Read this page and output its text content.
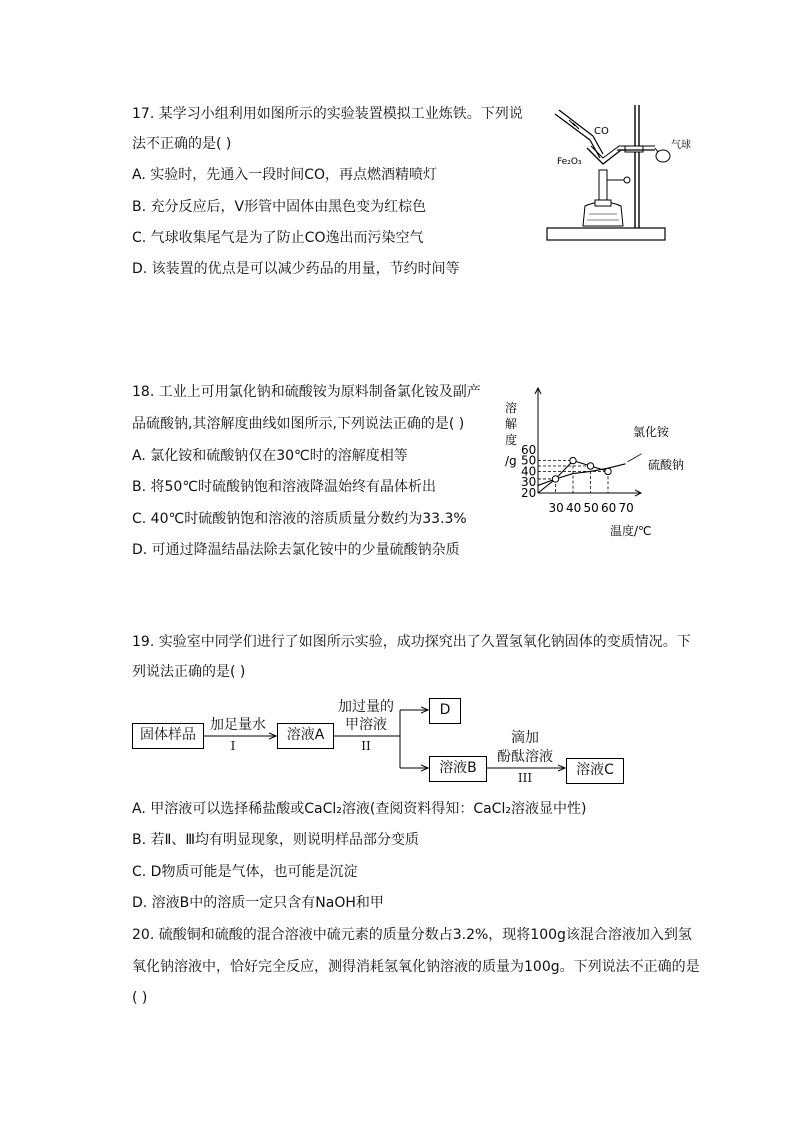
17. 某学习小组利用如图所示的实验装置模拟工业炼铁。下列说
法不正确的是( )
A. 实验时，先通入一段时间CO，再点燃酒精喷灯
B. 充分反应后，V形管中固体由黑色变为红棕色
C. 气球收集尾气是为了防止CO逸出而污染空气
D. 该装置的优点是可以减少药品的用量，节约时间等
CO
Fe₂O₃
气球
18. 工业上可用氯化钠和硫酸铵为原料制备氯化铵及副产
品硫酸钠,其溶解度曲线如图所示,下列说法正确的是( )
A. 氯化铵和硫酸钠仅在30℃时的溶解度相等
B. 将50℃时硫酸钠饱和溶液降温始终有晶体析出
C. 40℃时硫酸钠饱和溶液的溶质质量分数约为33.3%
D. 可通过降温结晶法除去氯化铵中的少量硫酸钠杂质
20
30
40
50
60
30 40 50 60 70
溶
解
度
/g
温度/℃
氯化铵
硫酸钠
19. 实验室中同学们进行了如图所示实验，成功探究出了久置氢氧化钠固体的变质情况。下
列说法正确的是( )
固体样品
加足量水
I
溶液A
加过量的
甲溶液
II
D
溶液B
滴加
酚酞溶液
III	溶液C
A. 甲溶液可以选择稀盐酸或CaCl₂溶液(查阅资料得知：CaCl₂溶液显中性)
B. 若Ⅱ、Ⅲ均有明显现象，则说明样品部分变质
C. D物质可能是气体，也可能是沉淀
D. 溶液B中的溶质一定只含有NaOH和甲
20. 硫酸铜和硫酸的混合溶液中硫元素的质量分数占3.2%，现将100g该混合溶液加入到氢
氧化钠溶液中，恰好完全反应，测得消耗氢氧化钠溶液的质量为100g。下列说法不正确的是
( )
